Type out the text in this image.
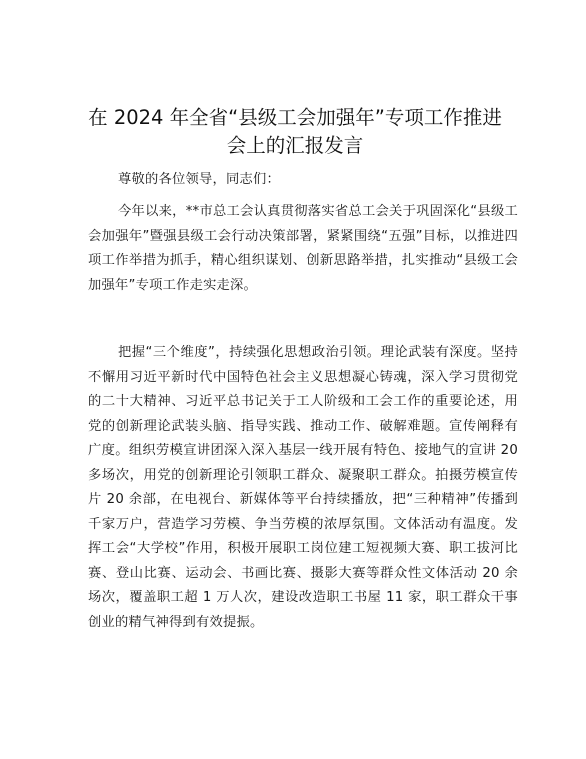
在 2024 年全省“县级工会加强年”专项工作推进会上的汇报发言

尊敬的各位领导，同志们：

今年以来，**市总工会认真贯彻落实省总工会关于巩固深化“县级工会加强年”暨强县级工会行动决策部署，紧紧围绕“五强”目标，以推进四项工作举措为抓手，精心组织谋划、创新思路举措，扎实推动“县级工会加强年”专项工作走实走深。

把握“三个维度”，持续强化思想政治引领。理论武装有深度。坚持不懈用习近平新时代中国特色社会主义思想凝心铸魂，深入学习贯彻党的二十大精神、习近平总书记关于工人阶级和工会工作的重要论述，用党的创新理论武装头脑、指导实践、推动工作、破解难题。宣传阐释有广度。组织劳模宣讲团深入深入基层一线开展有特色、接地气的宣讲 20 多场次，用党的创新理论引领职工群众、凝聚职工群众。拍摄劳模宣传片 20 余部，在电视台、新媒体等平台持续播放，把“三种精神”传播到千家万户，营造学习劳模、争当劳模的浓厚氛围。文体活动有温度。发挥工会“大学校”作用，积极开展职工岗位建工短视频大赛、职工拔河比赛、登山比赛、运动会、书画比赛、摄影大赛等群众性文体活动 20 余场次，覆盖职工超 1 万人次，建设改造职工书屋 11 家，职工群众干事创业的精气神得到有效提振。
